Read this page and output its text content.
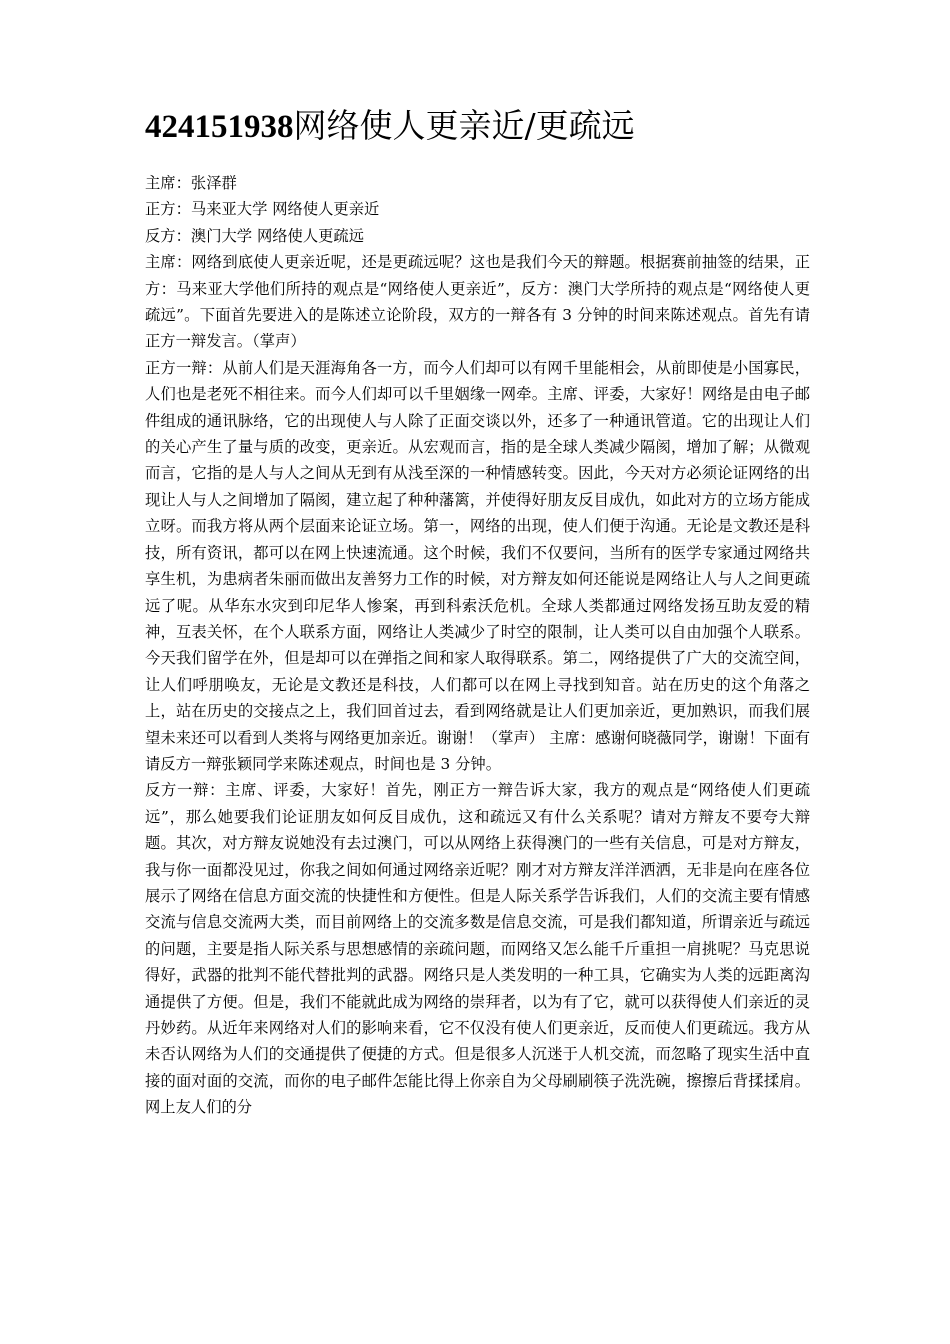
424151938网络使人更亲近/更疏远

主席：张泽群

正方：马来亚大学 网络使人更亲近

反方：澳门大学 网络使人更疏远

主席：网络到底使人更亲近呢，还是更疏远呢？这也是我们今天的辩题。根据赛前抽签的结果，正方：马来亚大学他们所持的观点是“网络使人更亲近”，反方：澳门大学所持的观点是“网络使人更疏远”。下面首先要进入的是陈述立论阶段，双方的一辩各有 3 分钟的时间来陈述观点。首先有请正方一辩发言。（掌声）

正方一辩：从前人们是天涯海角各一方，而今人们却可以有网千里能相会，从前即使是小国寡民，人们也是老死不相往来。而今人们却可以千里姻缘一网牵。主席、评委，大家好！网络是由电子邮件组成的通讯脉络，它的出现使人与人除了正面交谈以外，还多了一种通讯管道。它的出现让人们的关心产生了量与质的改变，更亲近。从宏观而言，指的是全球人类减少隔阂，增加了解；从微观而言，它指的是人与人之间从无到有从浅至深的一种情感转变。因此，今天对方必须论证网络的出现让人与人之间增加了隔阂，建立起了种种藩篱，并使得好朋友反目成仇，如此对方的立场方能成立呀。而我方将从两个层面来论证立场。第一，网络的出现，使人们便于沟通。无论是文教还是科技，所有资讯，都可以在网上快速流通。这个时候，我们不仅要问，当所有的医学专家通过网络共享生机，为患病者朱丽而做出友善努力工作的时候，对方辩友如何还能说是网络让人与人之间更疏远了呢。从华东水灾到印尼华人惨案，再到科索沃危机。全球人类都通过网络发扬互助友爱的精神，互表关怀，在个人联系方面，网络让人类减少了时空的限制，让人类可以自由加强个人联系。今天我们留学在外，但是却可以在弹指之间和家人取得联系。第二，网络提供了广大的交流空间，让人们呼朋唤友，无论是文教还是科技，人们都可以在网上寻找到知音。站在历史的这个角落之上，站在历史的交接点之上，我们回首过去，看到网络就是让人们更加亲近，更加熟识，而我们展望未来还可以看到人类将与网络更加亲近。谢谢！（掌声） 主席：感谢何晓薇同学，谢谢！下面有请反方一辩张颖同学来陈述观点，时间也是 3 分钟。

反方一辩：主席、评委，大家好！首先，刚正方一辩告诉大家，我方的观点是“网络使人们更疏远”，那么她要我们论证朋友如何反目成仇，这和疏远又有什么关系呢？请对方辩友不要夸大辩题。其次，对方辩友说她没有去过澳门，可以从网络上获得澳门的一些有关信息，可是对方辩友，我与你一面都没见过，你我之间如何通过网络亲近呢？刚才对方辩友洋洋洒洒，无非是向在座各位展示了网络在信息方面交流的快捷性和方便性。但是人际关系学告诉我们，人们的交流主要有情感交流与信息交流两大类，而目前网络上的交流多数是信息交流，可是我们都知道，所谓亲近与疏远的问题，主要是指人际关系与思想感情的亲疏问题，而网络又怎么能千斤重担一肩挑呢？马克思说得好，武器的批判不能代替批判的武器。网络只是人类发明的一种工具，它确实为人类的远距离沟通提供了方便。但是，我们不能就此成为网络的崇拜者，以为有了它，就可以获得使人们亲近的灵丹妙药。从近年来网络对人们的影响来看，它不仅没有使人们更亲近，反而使人们更疏远。我方从未否认网络为人们的交通提供了便捷的方式。但是很多人沉迷于人机交流，而忽略了现实生活中直接的面对面的交流，而你的电子邮件怎能比得上你亲自为父母刷刷筷子洗洗碗，擦擦后背揉揉肩。网上友人们的分
